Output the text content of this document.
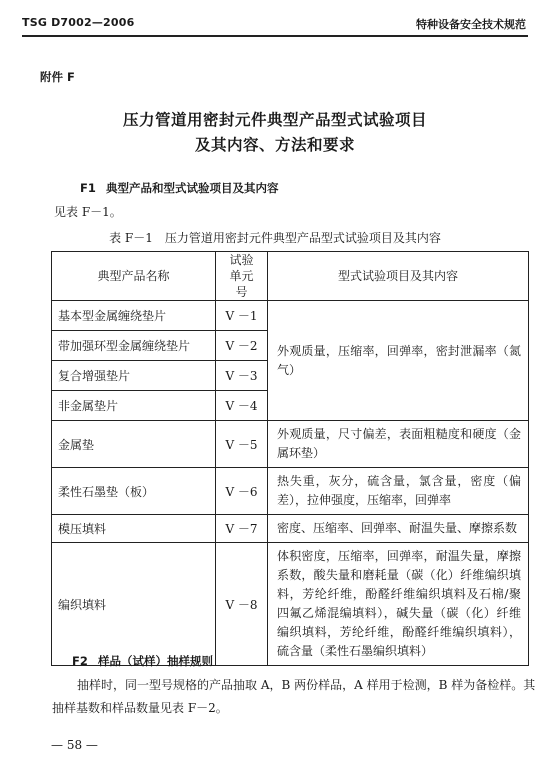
TSG D7002—2006	特种设备安全技术规范
附件 F
压力管道用密封元件典型产品型式试验项目
及其内容、方法和要求
F1 典型产品和型式试验项目及其内容
见表 F－1。
表 F－1　压力管道用密封元件典型产品型式试验项目及其内容
典型产品名称	试验单元号	型式试验项目及其内容
基本型金属缠绕垫片	V －1	外观质量，压缩率，回弹率，密封泄漏率（氮气）
带加强环型金属缠绕垫片	V －2	
复合增强垫片	V －3	
非金属垫片	V －4	
金属垫	V －5	外观质量，尺寸偏差，表面粗糙度和硬度（金属环垫）
柔性石墨垫（板）	V －6	热失重，灰分，硫含量，氯含量，密度（偏差），拉伸强度，压缩率，回弹率
模压填料	V －7	密度、压缩率、回弹率、耐温失量、摩擦系数
编织填料	V －8	体积密度，压缩率，回弹率，耐温失量，摩擦系数，酸失量和磨耗量（碳（化）纤维编织填料，芳纶纤维，酚醛纤维编织填料及石棉/聚四氟乙烯混编填料），碱失量（碳（化）纤维编织填料，芳纶纤维，酚醛纤维编织填料），硫含量（柔性石墨编织填料）
F2 样品（试样）抽样规则
抽样时，同一型号规格的产品抽取 A，B 两份样品，A 样用于检测，B 样为备检样。其
抽样基数和样品数量见表 F－2。
— 58 —
